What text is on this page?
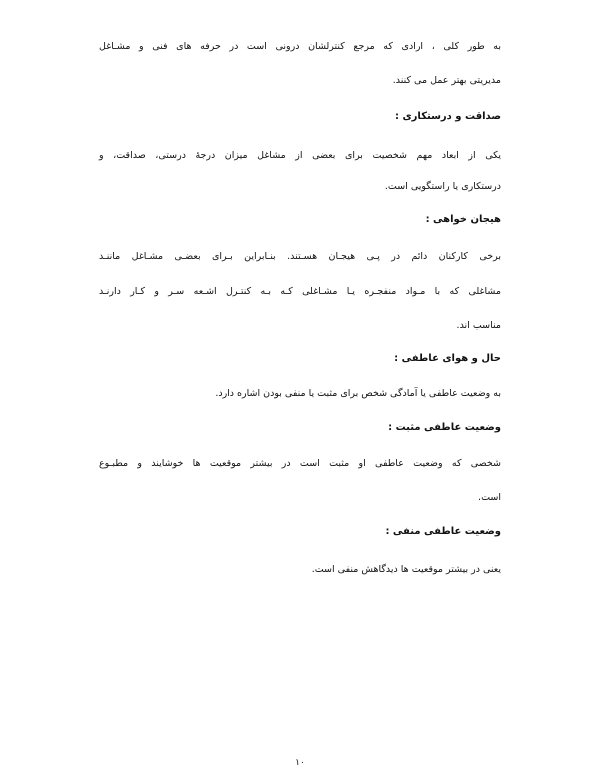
به طور کلی ، ارادی که مرجع کنترلشان درونی است در حرفه های فنی و مشـاغل

مدیریتی بهتر عمل می کنند.

صداقت و درستکاری :

یکی از ابعاد مهم شخصیت برای بعضی از مشاغل میزان درجۀ درستی، صداقت، و

درستکاری یا راستگویی است.

هیجان خواهی :

برخی کارکنان دائم در پـی هیجـان هسـتند. بنـابراین بـرای بعضـی مشـاغل ماننـد

مشاغلی که با مـواد منفجـره یـا مشـاغلی کـه بـه کنتـرل اشـعه سـر و کـار دارنـد

مناسب اند.

حال و هوای عاطفی :

به وضعیت عاطفی یا آمادگی شخص برای مثبت یا منفی بودن اشاره دارد.

وضعیت عاطفی مثبت :

شخصی که وضعیت عاطفی او مثبت است در بیشتر موقعیت ها خوشایند و مطبـوع

است.

وضعیت عاطفی منفی :

یعنی در بیشتر موقعیت ها دیدگاهش منفی است.

۱۰
